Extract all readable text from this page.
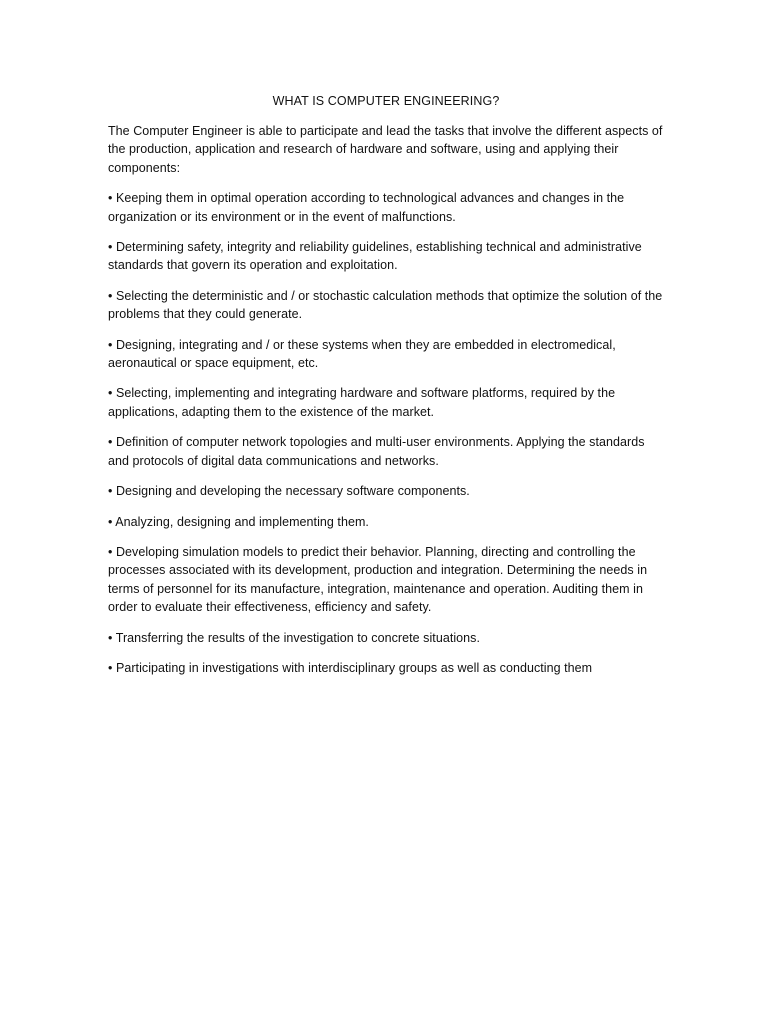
WHAT IS COMPUTER ENGINEERING?

The Computer Engineer is able to participate and lead the tasks that involve the different aspects of the production, application and research of hardware and software, using and applying their components:

• Keeping them in optimal operation according to technological advances and changes in the organization or its environment or in the event of malfunctions.

• Determining safety, integrity and reliability guidelines, establishing technical and administrative standards that govern its operation and exploitation.

• Selecting the deterministic and / or stochastic calculation methods that optimize the solution of the problems that they could generate.

• Designing, integrating and / or these systems when they are embedded in electromedical, aeronautical or space equipment, etc.

• Selecting, implementing and integrating hardware and software platforms, required by the applications, adapting them to the existence of the market.

• Definition of computer network topologies and multi-user environments. Applying the standards and protocols of digital data communications and networks.

• Designing and developing the necessary software components.

• Analyzing, designing and implementing them.

• Developing simulation models to predict their behavior. Planning, directing and controlling the processes associated with its development, production and integration. Determining the needs in terms of personnel for its manufacture, integration, maintenance and operation. Auditing them in order to evaluate their effectiveness, efficiency and safety.

• Transferring the results of the investigation to concrete situations.

• Participating in investigations with interdisciplinary groups as well as conducting them
